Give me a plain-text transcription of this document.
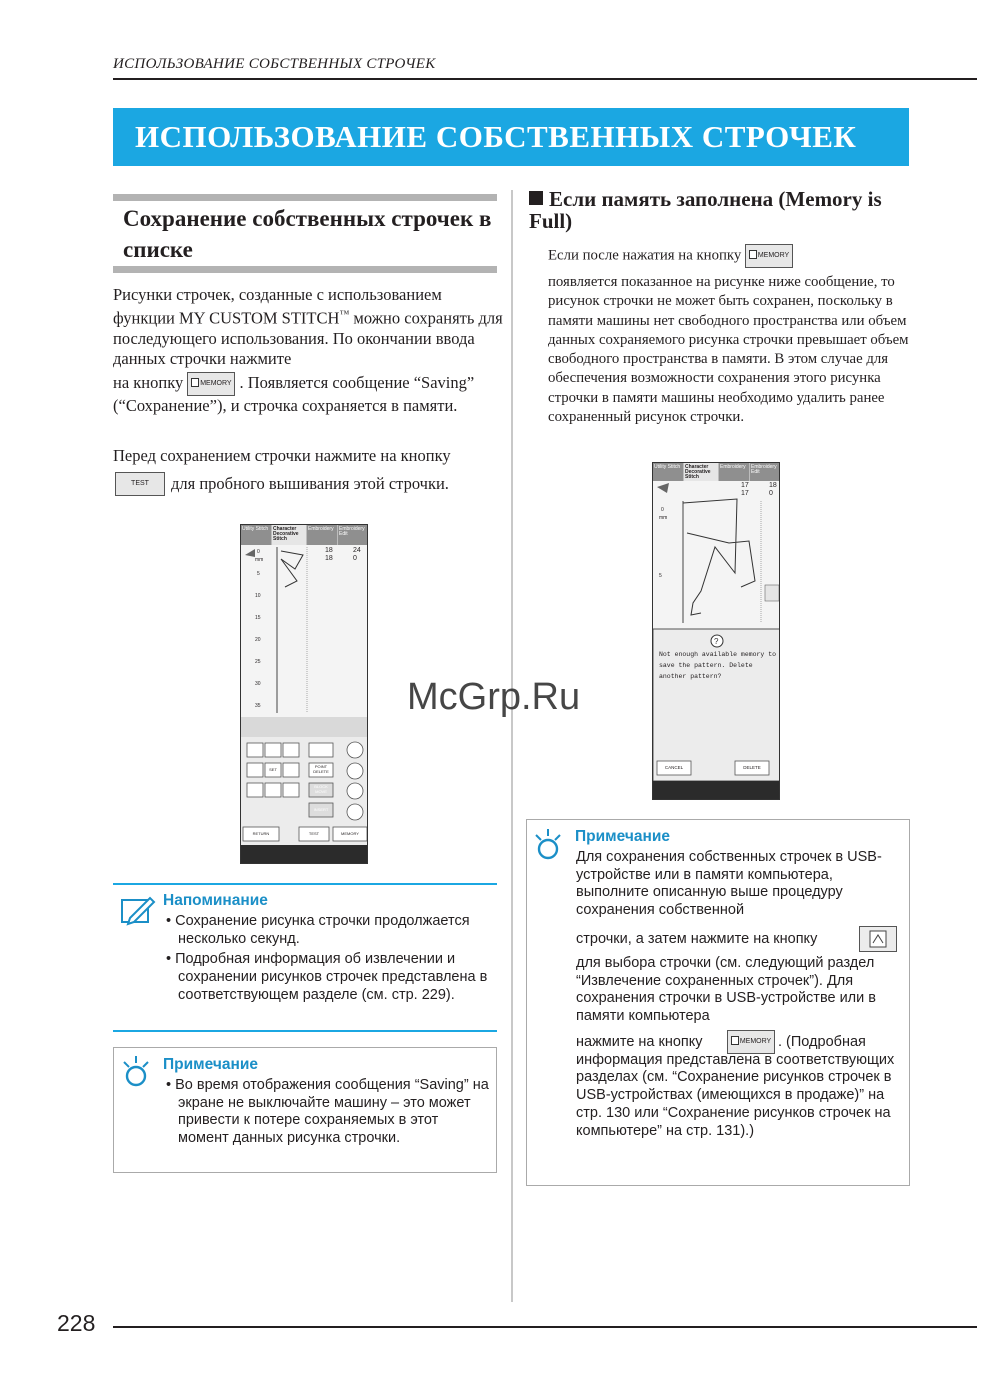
ИСПОЛЬЗОВАНИЕ СОБСТВЕННЫХ СТРОЧЕК
ИСПОЛЬЗОВАНИЕ СОБСТВЕННЫХ СТРОЧЕК
Сохранение собственных строчек в списке
Рисунки строчек, созданные с использованием функции MY CUSTOM STITCH™ можно сохранять для последующего использования. По окончании ввода данных строчки нажмите
на кнопку MEMORY . Появляется сообщение “Saving” (“Сохранение”), и строчка сохраняется в памяти.
Перед сохранением строчки нажмите на кнопку
TEST	для пробного вышивания этой строчки.
Utility Stitch Character Decorative Stitch
Embroidery	Embroidery Edit
18
18
24
0
0
mm
5
10
15
20
25
30
35
SET
POINT DELETE
BLOCK MOVE
INSERT
RETURN	TEST	MEMORY
Напоминание
• Сохранение рисунка строчки продолжается несколько секунд.
• Подробная информация об извлечении и сохранении рисунков строчек представлена в соответствующем разделе (см. стр. 229).
Примечание
• Во время отображения сообщения “Saving” на экране не выключайте машину – это может привести к потере сохраняемых в этот момент данных рисунка строчки.
Если память заполнена (Memory is Full)
Если после нажатия на кнопку MEMORY
появляется показанное на рисунке ниже сообщение, то рисунок строчки не может быть сохранен, поскольку в памяти машины нет свободного пространства или объем данных сохраняемого рисунка строчки превышает объем свободного пространства в памяти. В этом случае для обеспечения возможности сохранения этого рисунка строчки в памяти машины необходимо удалить ранее сохраненный рисунок строчки.
?
Utility Stitch Character Decorative Stitch
Embroidery	Embroidery Edit
17
17
18
0
0
mm
5
Not enough available memory to save the pattern. Delete another pattern?
CANCEL	DELETE
Примечание
Для сохранения собственных строчек в USB-устройстве или в памяти компьютера, выполните описанную выше процедуру сохранения собственной
строчки, а затем нажмите на кнопку
для выбора строчки (см. следующий раздел “Извлечение сохраненных строчек”). Для сохранения строчки в USB-устройстве или в памяти компьютера
нажмите на кнопку	MEMORY . (Подробная информация представлена в соответствующих разделах (см. “Сохранение рисунков строчек в USB-устройствах (имеющихся в продаже)” на стр. 130 или “Сохранение рисунков строчек на компьютере” на стр. 131).)
McGrp.Ru
228
